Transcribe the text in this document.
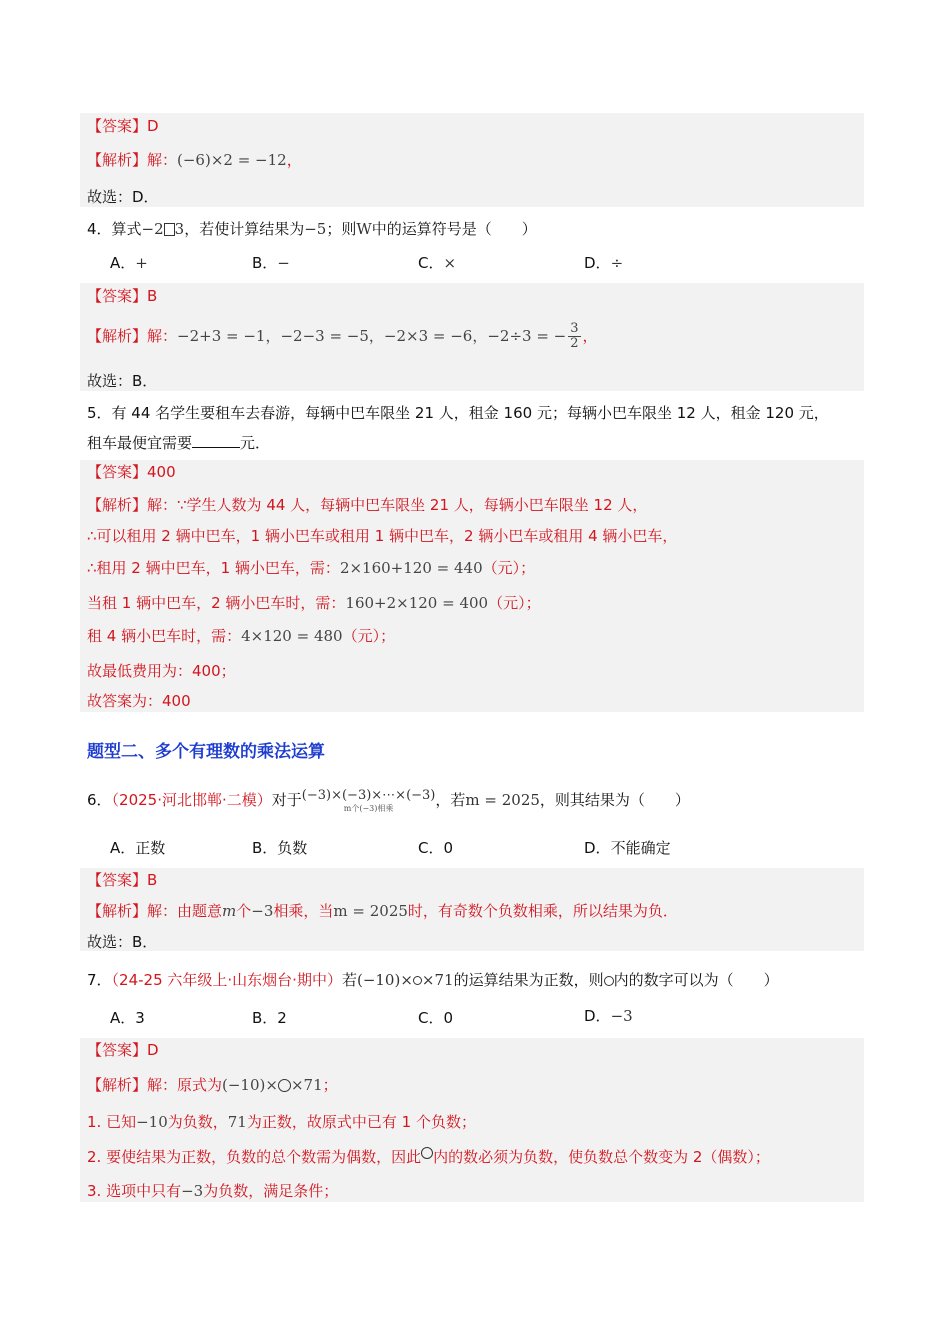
【答案】D
【解析】解：(−6)×2 = −12，
故选：D．
4．算式−2 3，若使计算结果为−5；则W中的运算符号是（　　）
A．+	B．−	C．×	D．÷
【答案】B
【解析】解：−2+3 = −1，−2−3 = −5，−2×3 = −6，−2÷3 = − $\frac{3}{2}$ ，
故选：B．
5．有 44 名学生要租车去春游，每辆中巴车限坐 21 人，租金 160 元；每辆小巴车限坐 12 人，租金 120 元，
租车最便宜需要	元．
【答案】400
【解析】解：∵学生人数为 44 人，每辆中巴车限坐 21 人，每辆小巴车限坐 12 人，
∴可以租用 2 辆中巴车，1 辆小巴车或租用 1 辆中巴车，2 辆小巴车或租用 4 辆小巴车，
∴租用 2 辆中巴车，1 辆小巴车，需：2×160+120 = 440（元）；
当租 1 辆中巴车，2 辆小巴车时，需：160+2×120 = 400（元）；
租 4 辆小巴车时，需：4×120 = 480（元）；
故最低费用为：400；
故答案为：400
题型二、多个有理数的乘法运算
6．（2025·河北邯郸·二模）对于 (−3)×(−3)×⋯×(−3)
m个(−3)相乘	，若m = 2025，则其结果为（　　）
A．正数	B．负数	C．0	D．不能确定
【答案】B
【解析】解：由题意m个−3相乘，当m = 2025时，有奇数个负数相乘，所以结果为负．
故选：B．
7．（24-25 六年级上·山东烟台·期中）若(−10)× ×71的运算结果为正数，则 内的数字可以为（　　）
A．3	B．2	C．0	D．−3
【答案】D
【解析】解：原式为(−10)× ×71；
1. 已知−10为负数，71为正数，故原式中已有 1 个负数；
2. 要使结果为正数，负数的总个数需为偶数，因此 内的数必须为负数，使负数总个数变为 2（偶数）；
3. 选项中只有−3为负数，满足条件；
